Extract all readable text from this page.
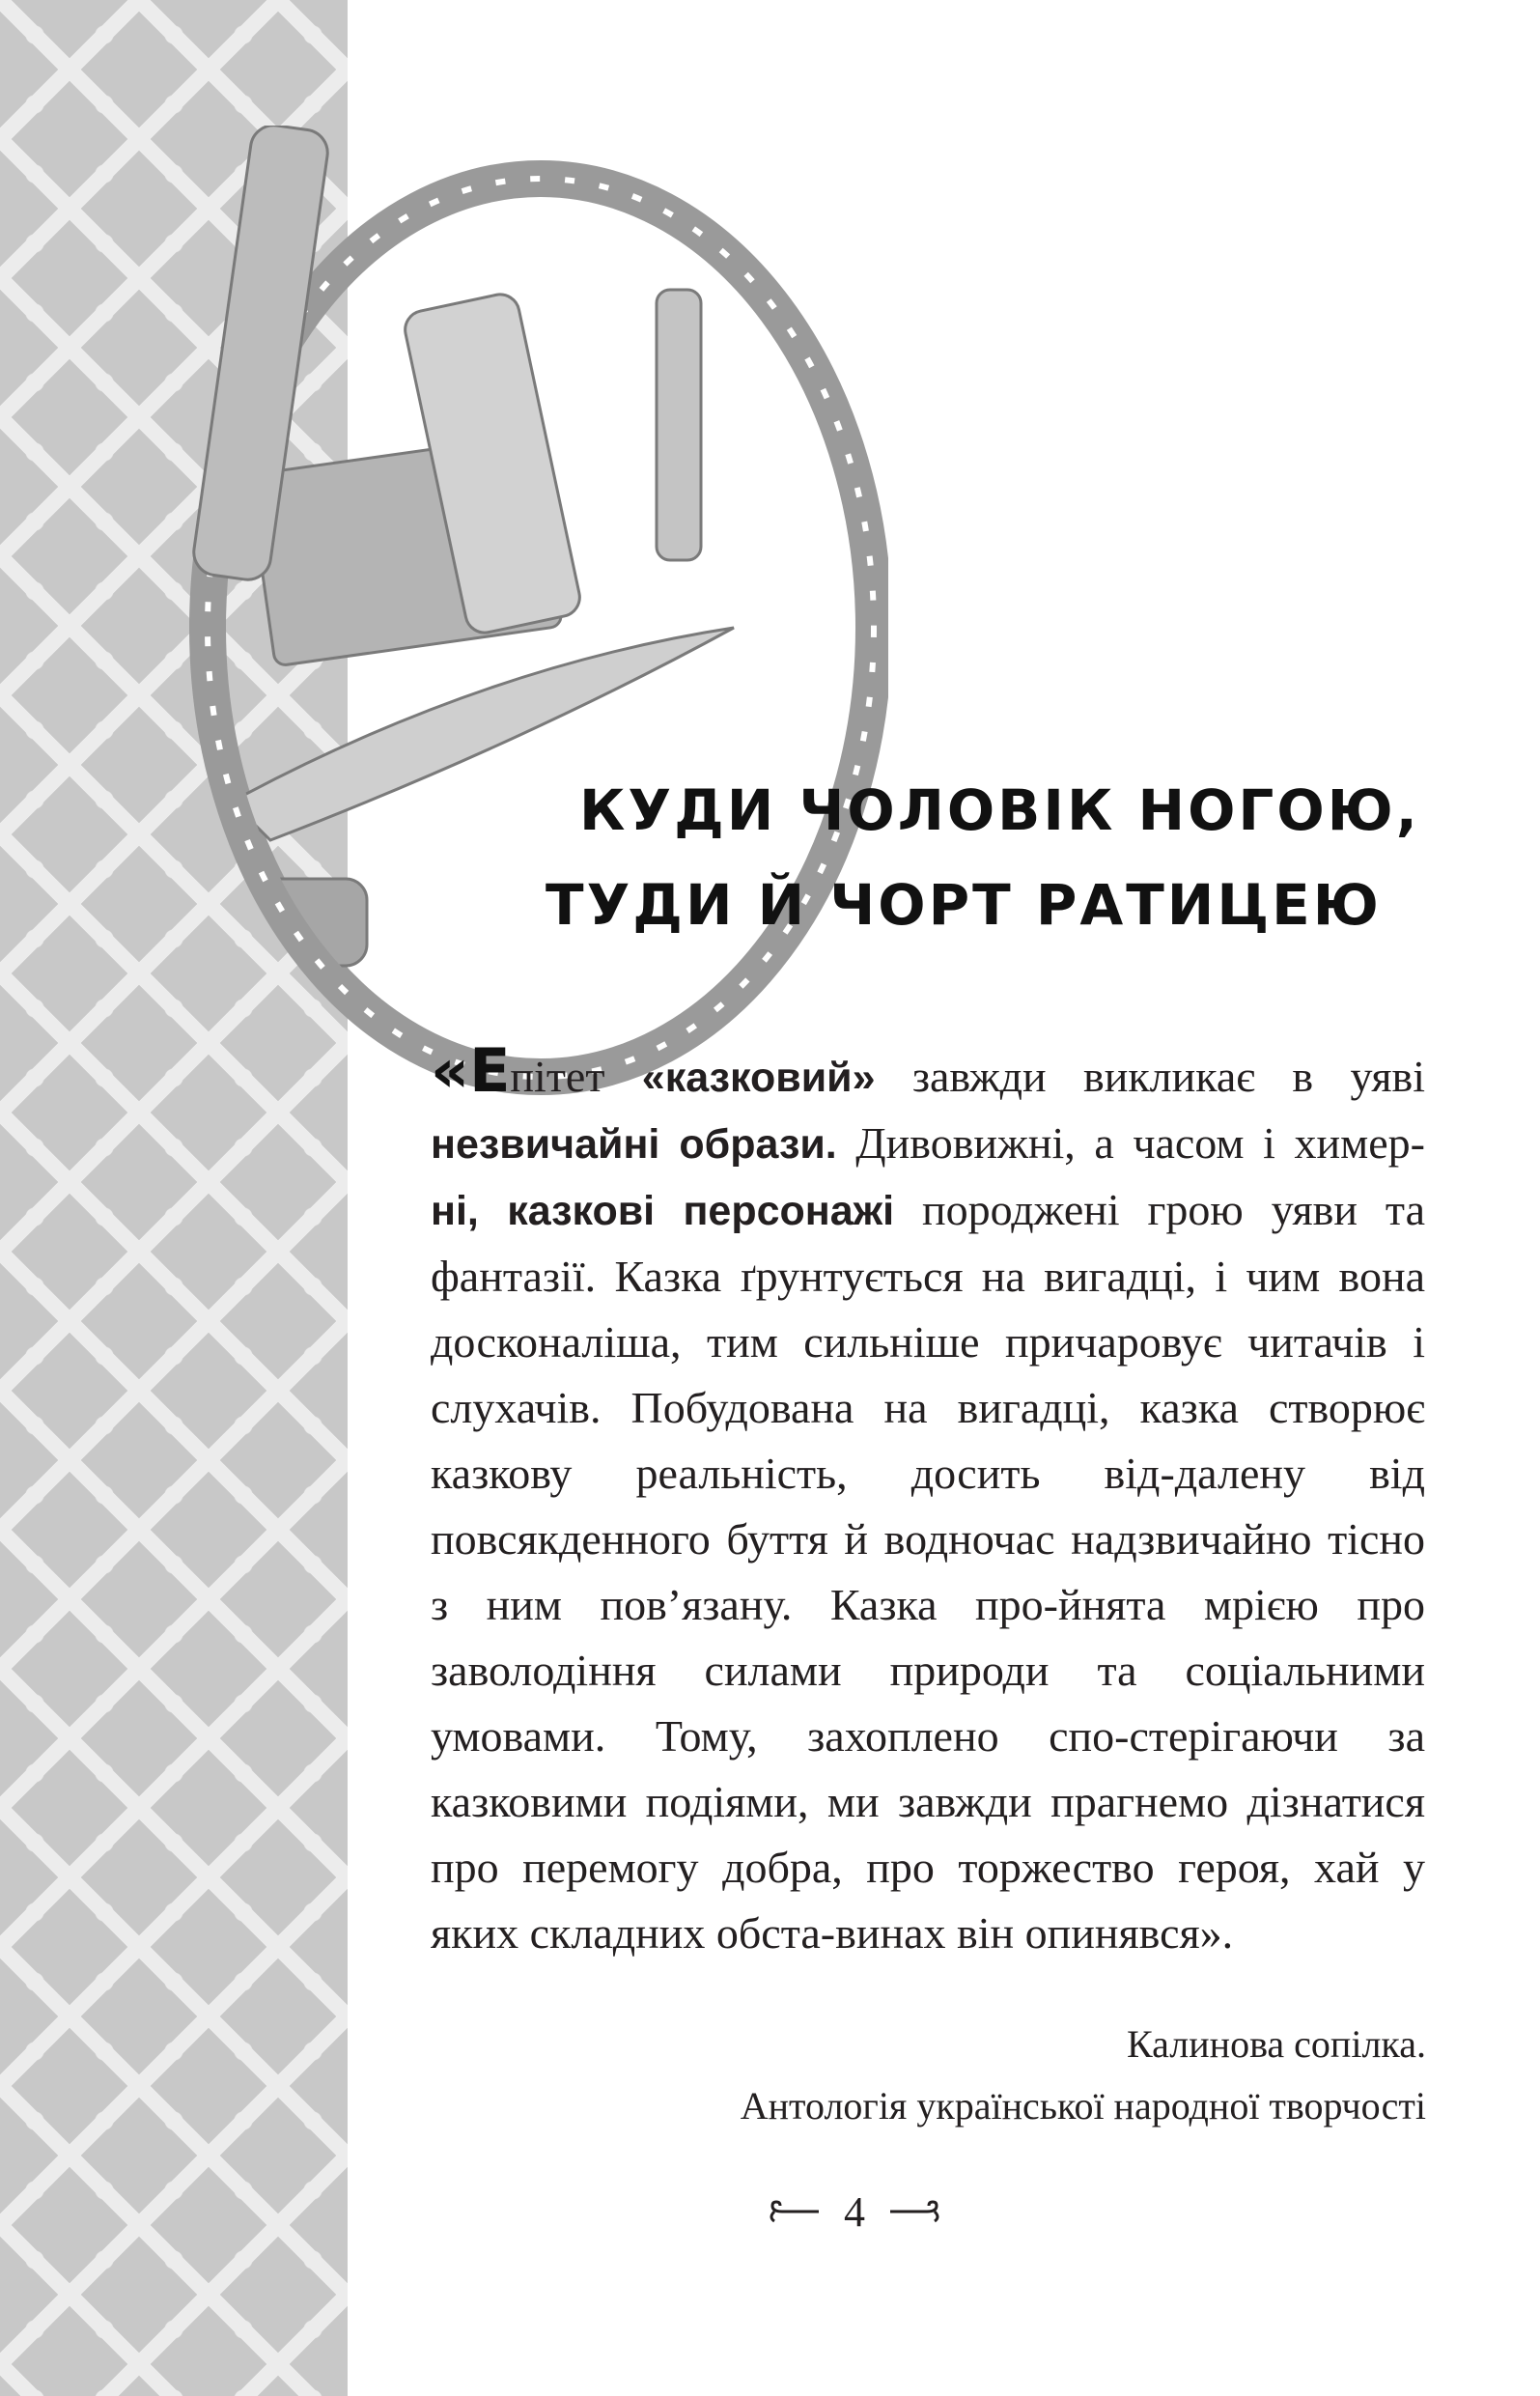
КУДИ ЧОЛОВІК НОГОЮ,
ТУДИ Й ЧОРТ РАТИЦЕЮ

«Епітет «казковий» завжди викликає в уяві незвичайні образи. Дивовижні, а часом і химер-ні, казкові персонажі породжені грою уяви та фантазії. Казка ґрунтується на вигадці, і чим вона досконаліша, тим сильніше причаровує читачів і слухачів. Побудована на вигадці, казка створює казкову реальність, досить від-далену від повсякденного буття й водночас надзвичайно тісно з ним пов’язану. Казка про-йнята мрією про заволодіння силами природи та соціальними умовами. Тому, захоплено спо-стерігаючи за казковими подіями, ми завжди прагнемо дізнатися про перемогу добра, про торжество героя, хай у яких складних обста-винах він опинявся».

Калинова сопілка.
Антологія української народної творчості
4
